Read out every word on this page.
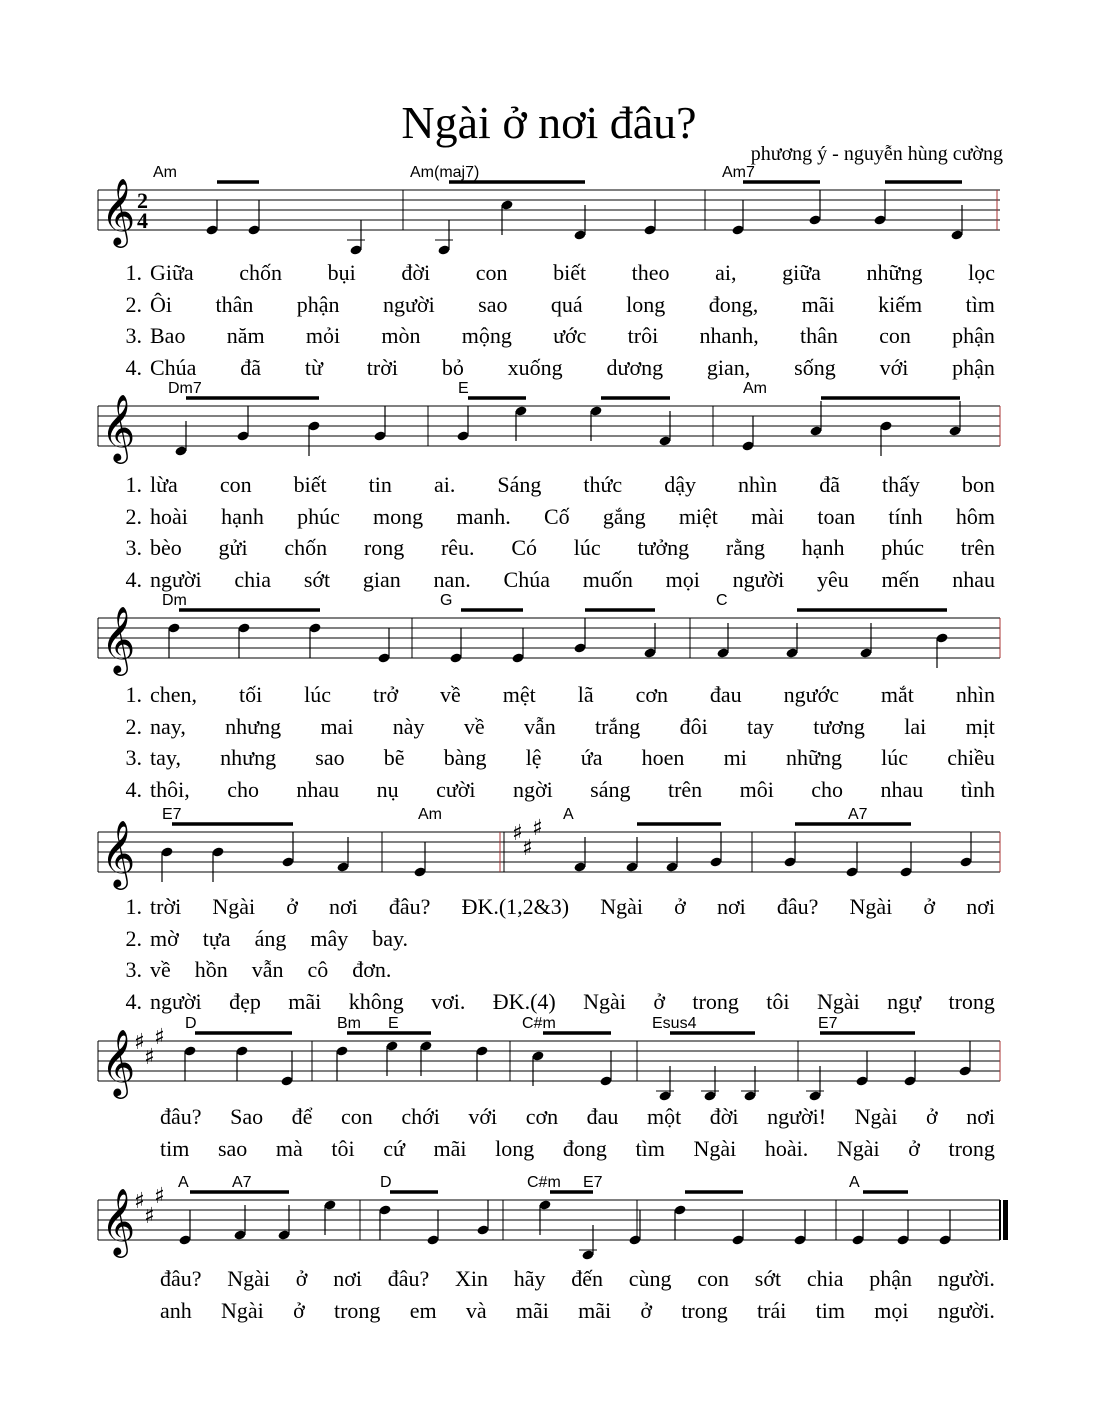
Ngài ở nơi đâu?
phương ý - nguyễn hùng cường
𝄞 2
4
Am	Am(maj7)	Am7
1. Giữa chốn bụi đời con biết theo ai, giữa những lọc
2. Ôi thân phận người sao quá long đong, mãi kiếm tìm
3. Bao năm mỏi mòn mộng ước trôi nhanh, thân con phận
4. Chúa đã từ trời bỏ xuống dương gian, sống với phận
𝄞
Dm7	E	Am
1. lừa con biết tin ai. Sáng thức dậy nhìn đã thấy bon
2. hoài hạnh phúc mong manh. Cố gắng miệt mài toan tính hôm
3. bèo gửi chốn rong rêu. Có lúc tưởng rằng hạnh phúc trên
4. người chia sớt gian nan. Chúa muốn mọi người yêu mến nhau
𝄞
Dm	G	C
1. chen, tối lúc trở về mệt lã cơn đau ngước mắt nhìn
2. nay, nhưng mai này về vẫn trắng đôi tay tương lai mịt
3. tay, nhưng sao bẽ bàng lệ ứa hoen mi những lúc chiều
4. thôi, cho nhau nụ cười ngời sáng trên môi cho nhau tình
𝄞	♯
♯
♯
E7	Am	A	A7
1. trời Ngài ở nơi đâu? ĐK.(1,2&3) Ngài ở nơi đâu? Ngài ở nơi
2. mờ tựa áng mây bay.
3. về hồn vẫn cô đơn.
4. người đẹp mãi không vơi. ĐK.(4) Ngài ở trong tôi Ngài ngự trong
𝄞
♯
♯
♯
D	Bm E	C#m	Esus4	E7
đâu? Sao để con chới với cơn đau một đời người! Ngài ở nơi
tim sao mà tôi cứ mãi long đong tìm Ngài hoài. Ngài ở trong
𝄞
♯
♯
♯
A	A7	D	C#m E7	A
đâu? Ngài ở nơi đâu? Xin hãy đến cùng con sớt chia phận người.
anh Ngài ở trong em và mãi mãi ở trong trái tim mọi người.
